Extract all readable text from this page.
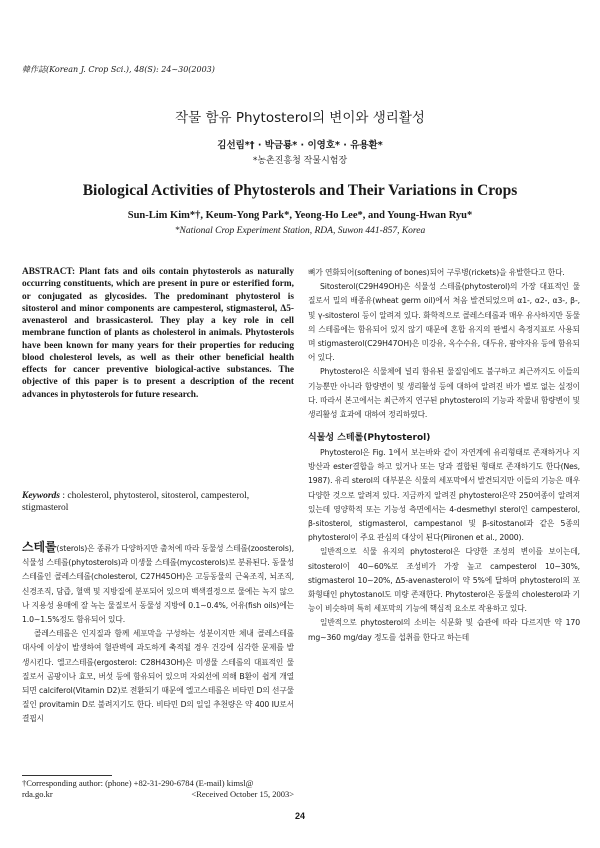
韓作誌(Korean J. Crop Sci.), 48(S): 24~30(2003)
작물 함유 Phytosterol의 변이와 생리활성
김선림*† · 박금룡* · 이영호* · 유용환*
*농촌진흥청 작물시험장
Biological Activities of Phytosterols and Their Variations in Crops
Sun-Lim Kim*†, Keum-Yong Park*, Yeong-Ho Lee*, and Young-Hwan Ryu*
*National Crop Experiment Station, RDA, Suwon 441-857, Korea
ABSTRACT: Plant fats and oils contain phytosterols as naturally occurring constituents, which are present in pure or esterified form, or conjugated as glycosides. The predominant phytosterol is sitosterol and minor components are campesterol, stigmasterol, Δ5-avenasterol and brassicasterol. They play a key role in cell membrane function of plants as cholesterol in animals. Phytosterols have been known for many years for their properties for reducing blood cholesterol levels, as well as their other beneficial health effects for cancer preventive biological-active substances. The objective of this paper is to present a description of the recent advances in phytosterols for future research.
Keywords : cholesterol, phytosterol, sitosterol, campesterol, stigmasterol

스테롤(sterols)은 종류가 다양하지만 출처에 따라 동물성 스테롤(zoosterols), 식물성 스테롤(phytosterols)과 미생물 스테롤(mycosterols)로 분류된다. 동물성 스테롤인 콜레스테롤(cholesterol, C27H45OH)은 고등동물의 근육조직, 뇌조직, 신경조직, 담즙, 혈액 및 지방질에 분포되어 있으며 백색결정으로 물에는 녹지 않으나 지용성 용매에 잘 녹는 물질로서 동물성 지방에 0.1~0.4%, 어유(fish oils)에는 1.0~1.5%정도 함유되어 있다.

콜레스테롤은 인지질과 함께 세포막을 구성하는 성분이지만 체내 콜레스테롤 대사에 이상이 발생하여 혈관벽에 과도하게 축적될 경우 건강에 심각한 문제를 발생시킨다. 엘고스테롤(ergosterol: C28H43OH)은 미생물 스테롤의 대표적인 물질로서 곰팡이나 효모, 버섯 등에 함유되어 있으며 자외선에 의해 B환이 쉽게 개열되면 calciferol(Vitamin D2)로 전환되기 때문에 엘고스테롤은 비타민 D의 선구물질인 provitamin D로 불려지기도 한다. 비타민 D의 일일 추천량은 약 400 IU로서 결핍시

†Corresponding author: (phone) +82-31-290-6784 (E-mail) kimsl@
rda.go.kr	<Received October 15, 2003>

뼈가 연화되어(softening of bones)되어 구루병(rickets)을 유발한다고 한다.

Sitosterol(C29H49OH)은 식물성 스테롤(phytosterol)의 가장 대표적인 물질로서 밀의 배종유(wheat germ oil)에서 처음 발견되었으며 α1-, α2-, α3-, β-, 및 γ-sitosterol 등이 알려져 있다. 화학적으로 콜레스테롤과 매우 유사하지만 동물의 스테롤에는 함유되어 있지 않기 때문에 혼합 유지의 판별시 측정지표로 사용되며 stigmasterol(C29H47OH)은 미강유, 옥수수유, 대두유, 팜야자유 등에 함유되어 있다.

Phytosterol은 식물체에 널리 함유된 물질임에도 불구하고 최근까지도 이들의 기능뿐만 아니라 함량변이 및 생리활성 등에 대하여 알려진 바가 별로 없는 실정이다. 따라서 본고에서는 최근까지 연구된 phytosterol의 기능과 작물내 함량변이 및 생리활성 효과에 대하여 정리하였다.

식물성 스테롤(Phytosterol)

Phytosterol은 Fig. 1에서 보는바와 같이 자연계에 유리형태로 존재하거나 지방산과 ester결합을 하고 있거나 또는 당과 결합된 형태로 존재하기도 한다(Nes, 1987). 유리 sterol의 대부분은 식물의 세포막에서 발견되지만 이들의 기능은 매우 다양한 것으로 알려져 있다. 지금까지 알려진 phytosterol은약 250여종이 알려져 있는데 영양학적 또는 기능성 측면에서는 4-desmethyl sterol인 campesterol, β-sitosterol, stigmasterol, campestanol 및 β-sitostanol과 같은 5종의 phytosterol이 주요 관심의 대상이 된다(Piironen et al., 2000).

일반적으로 식물 유지의 phytosterol은 다양한 조성의 변이를 보이는데, sitosterol이 40~60%로 조성비가 가장 높고 campesterol 10~30%, stigmasterol 10~20%, Δ5-avenasterol이 약 5%에 달하며 phytosterol의 포화형태인 phytostanol도 미량 존재한다. Phytosterol은 동물의 cholesterol과 기능이 비슷하며 특히 세포막의 기능에 핵심적 요소로 작용하고 있다.

일반적으로 phytosterol의 소비는 식문화 및 습관에 따라 다르지만 약 170 mg~360 mg/day 정도를 섭취를 한다고 하는데

24
